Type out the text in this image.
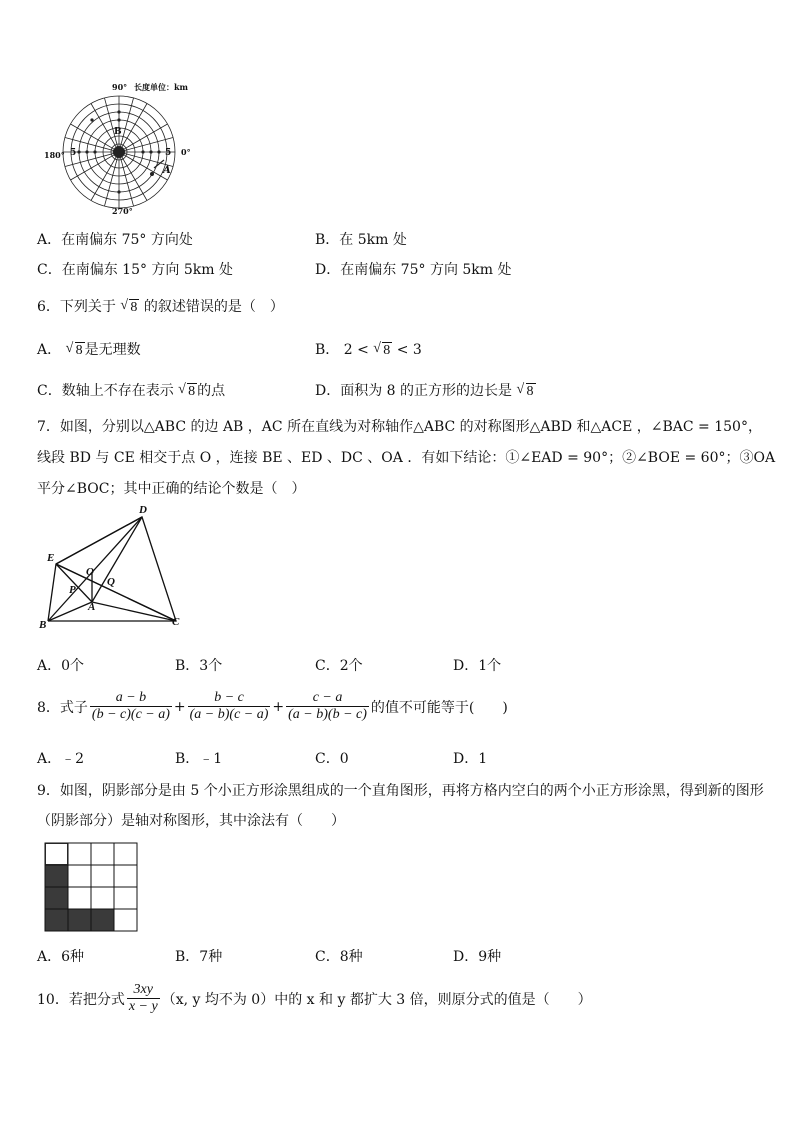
90° 长度单位：km
180°	0°
270°
5	5
A
B
A．在南偏东 75° 方向处	B．在 5km 处
C．在南偏东 15° 方向 5km 处	D．在南偏东 75° 方向 5km 处
6．下列关于 √ 8 的叙述错误的是（　）
A． √ 8 是无理数	B． 2 < √ 8 < 3
C．数轴上不存在表示 √ 8 的点	D．面积为 8 的正方形的边长是 √ 8
7．如图，分别以△ABC 的边 AB ，AC 所在直线为对称轴作△ABC 的对称图形△ABD 和△ACE ，∠BAC = 150°，
线段 BD 与 CE 相交于点 O ，连接 BE 、ED 、DC 、OA ．有如下结论：①∠EAD = 90°；②∠BOE = 60°；③OA
平分∠BOC；其中正确的结论个数是（　）
D
E
O
Q
P
A
B	C
A．0个	B．3个	C．2个	D．1个
8．式子 $\frac{a - b}{(b - c)(c - a)} + \frac{b - c}{(a - b)(c - a)} + \frac{c - a}{(a - b)(b - c)}$ 的值不可能等于(　　)
A．﹣2	B．﹣1	C．0	D．1
9．如图，阴影部分是由 5 个小正方形涂黑组成的一个直角图形，再将方格内空白的两个小正方形涂黑，得到新的图形
（阴影部分）是轴对称图形，其中涂法有（　　）
A．6种	B．7种	C．8种	D．9种
10．若把分式 $\frac{3xy}{x - y} (x$, y 均不为 0）中的 x 和 y 都扩大 3 倍，则原分式的值是（　　）
